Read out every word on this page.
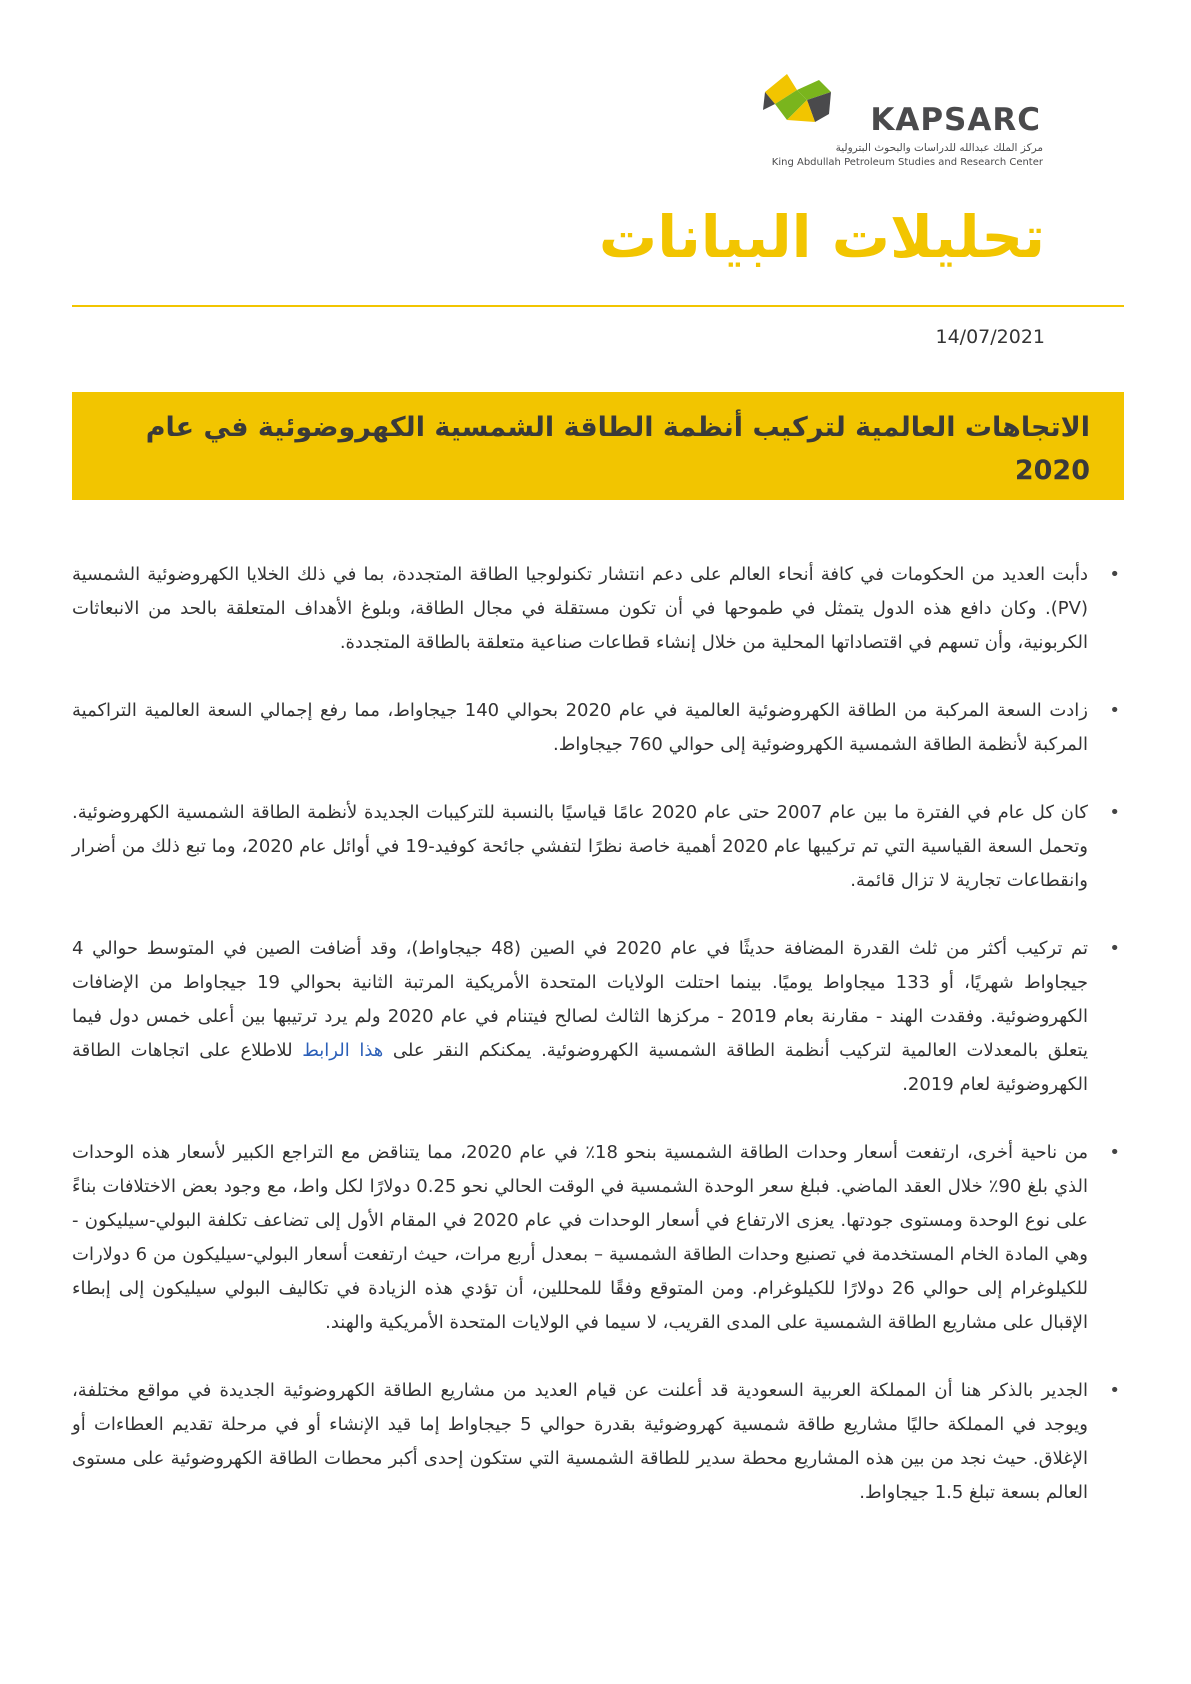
KAPSARC
مركز الملك عبدالله للدراسات والبحوث البترولية
King Abdullah Petroleum Studies and Research Center
تحليلات البيانات
14/07/2021
الاتجاهات العالمية لتركيب أنظمة الطاقة الشمسية الكهروضوئية في عام 2020
•
دأبت العديد من الحكومات في كافة أنحاء العالم على دعم انتشار تكنولوجيا الطاقة المتجددة، بما في ذلك الخلايا الكهروضوئية الشمسية (PV). وكان دافع هذه الدول يتمثل في طموحها في أن تكون مستقلة في مجال الطاقة، وبلوغ الأهداف المتعلقة بالحد من الانبعاثات الكربونية، وأن تسهم في اقتصاداتها المحلية من خلال إنشاء قطاعات صناعية متعلقة بالطاقة المتجددة.
•
زادت السعة المركبة من الطاقة الكهروضوئية العالمية في عام 2020 بحوالي 140 جيجاواط، مما رفع إجمالي السعة العالمية التراكمية المركبة لأنظمة الطاقة الشمسية الكهروضوئية إلى حوالي 760 جيجاواط.
•
كان كل عام في الفترة ما بين عام 2007 حتى عام 2020 عامًا قياسيًا بالنسبة للتركيبات الجديدة لأنظمة الطاقة الشمسية الكهروضوئية. وتحمل السعة القياسية التي تم تركيبها عام 2020 أهمية خاصة نظرًا لتفشي جائحة كوفيد-19 في أوائل عام 2020، وما تبع ذلك من أضرار وانقطاعات تجارية لا تزال قائمة.
•
تم تركيب أكثر من ثلث القدرة المضافة حديثًا في عام 2020 في الصين (48 جيجاواط)، وقد أضافت الصين في المتوسط حوالي 4 جيجاواط شهريًا، أو 133 ميجاواط يوميًا. بينما احتلت الولايات المتحدة الأمريكية المرتبة الثانية بحوالي 19 جيجاواط من الإضافات الكهروضوئية. وفقدت الهند - مقارنة بعام 2019 - مركزها الثالث لصالح فيتنام في عام 2020 ولم يرد ترتيبها بين أعلى خمس دول فيما يتعلق بالمعدلات العالمية لتركيب أنظمة الطاقة الشمسية الكهروضوئية. يمكنكم النقر على هذا الرابط للاطلاع على اتجاهات الطاقة الكهروضوئية لعام 2019.
•
من ناحية أخرى، ارتفعت أسعار وحدات الطاقة الشمسية بنحو 18٪ في عام 2020، مما يتناقض مع التراجع الكبير لأسعار هذه الوحدات الذي بلغ 90٪ خلال العقد الماضي. فبلغ سعر الوحدة الشمسية في الوقت الحالي نحو 0.25 دولارًا لكل واط، مع وجود بعض الاختلافات بناءً على نوع الوحدة ومستوى جودتها. يعزى الارتفاع في أسعار الوحدات في عام 2020 في المقام الأول إلى تضاعف تكلفة البولي-سيليكون - وهي المادة الخام المستخدمة في تصنيع وحدات الطاقة الشمسية – بمعدل أربع مرات، حيث ارتفعت أسعار البولي-سيليكون من 6 دولارات للكيلوغرام إلى حوالي 26 دولارًا للكيلوغرام. ومن المتوقع وفقًا للمحللين، أن تؤدي هذه الزيادة في تكاليف البولي سيليكون إلى إبطاء الإقبال على مشاريع الطاقة الشمسية على المدى القريب، لا سيما في الولايات المتحدة الأمريكية والهند.
•
الجدير بالذكر هنا أن المملكة العربية السعودية قد أعلنت عن قيام العديد من مشاريع الطاقة الكهروضوئية الجديدة في مواقع مختلفة، ويوجد في المملكة حاليًا مشاريع طاقة شمسية كهروضوئية بقدرة حوالي 5 جيجاواط إما قيد الإنشاء أو في مرحلة تقديم العطاءات أو الإغلاق. حيث نجد من بين هذه المشاريع محطة سدير للطاقة الشمسية التي ستكون إحدى أكبر محطات الطاقة الكهروضوئية على مستوى العالم بسعة تبلغ 1.5 جيجاواط.
